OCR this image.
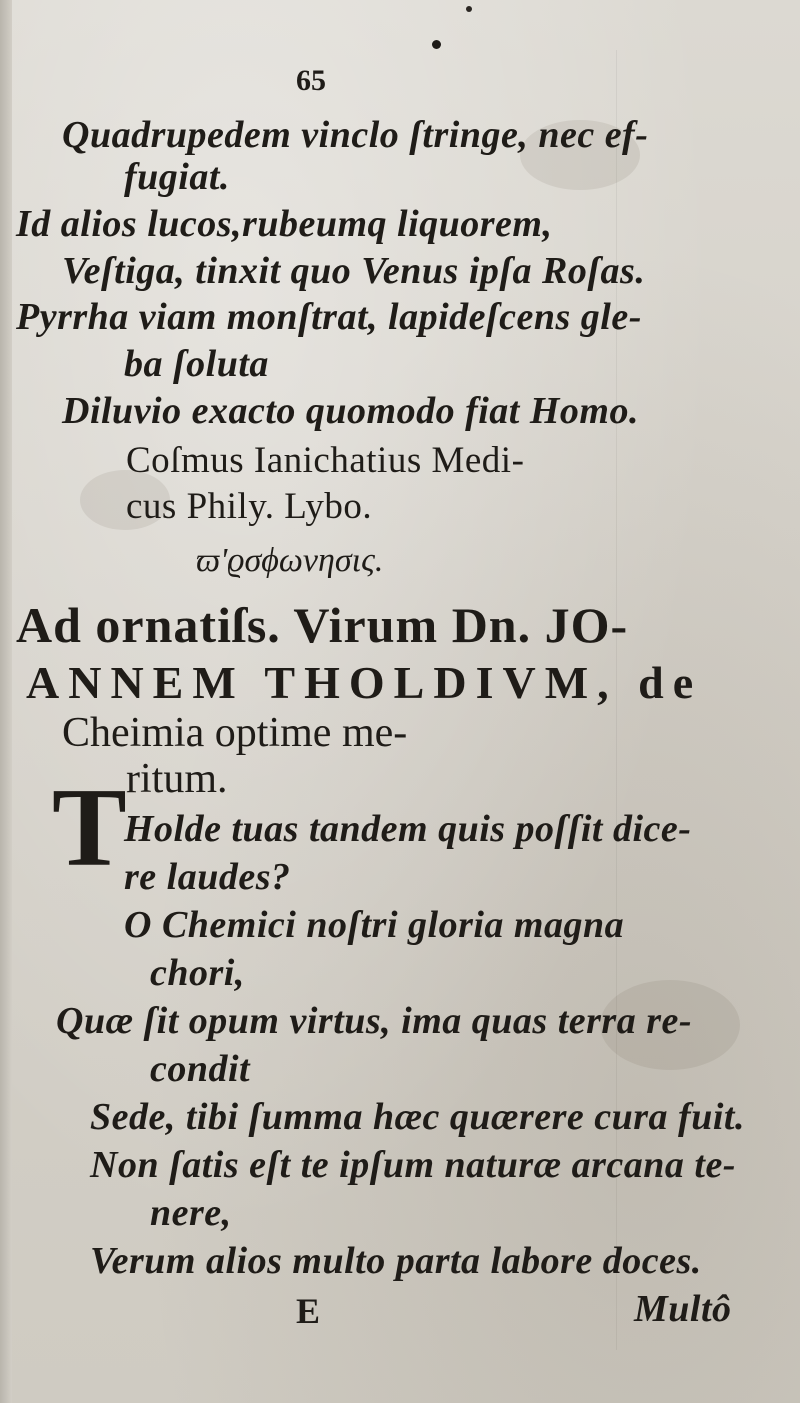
65
Quadrupedem vinclo ſtringe, nec ef-
fugiat.
Id alios lucos,rubeumq liquorem,
Veſtiga, tinxit quo Venus ipſa Roſas.
Pyrrha viam monſtrat, lapideſcens gle-
ba ſoluta
Diluvio exacto quomodo fiat Homo.
Coſmus Ianichatius Medi-
cus Phily. Lybo.
ϖ'ϱσϕωνησις.
Ad ornatiſs. Virum Dn. JO-
ANNEM THOLDIVM, de
Cheimia optime me-
ritum.
T
Holde tuas tandem quis poſſit dice-
re laudes?
O Chemici noſtri gloria magna
chori,
Quæ ſit opum virtus, ima quas terra re-
condit
Sede, tibi ſumma hæc quærere cura fuit.
Non ſatis eſt te ipſum naturæ arcana te-
nere,
Verum alios multo parta labore doces.
E	Multô
